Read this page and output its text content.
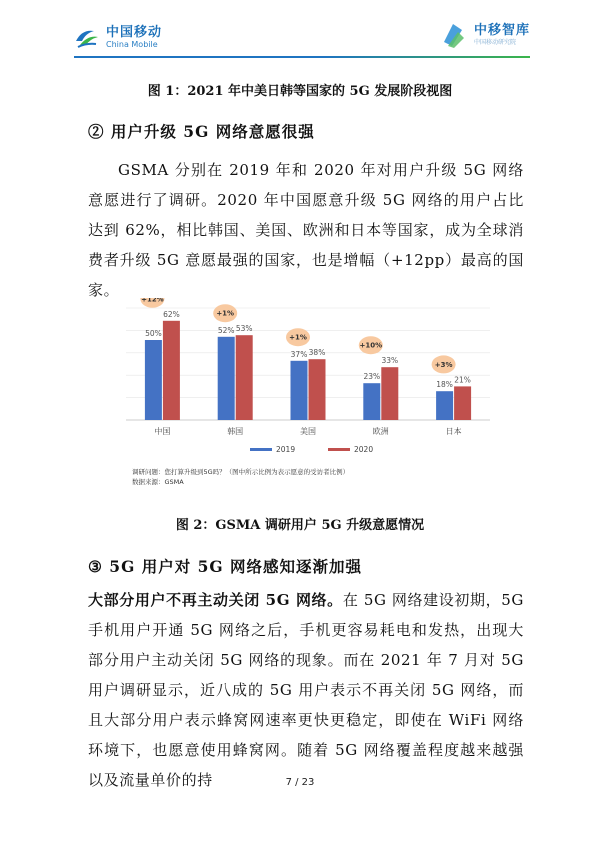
中国移动
China Mobile
中移智库
中国移动研究院
图 1：2021 年中美日韩等国家的 5G 发展阶段视图
② 用户升级 5G 网络意愿很强
GSMA 分别在 2019 年和 2020 年对用户升级 5G 网络意愿进行了调研。2020 年中国愿意升级 5G 网络的用户占比达到 62%，相比韩国、美国、欧洲和日本等国家，成为全球消费者升级 5G 意愿最强的国家，也是增幅（+12pp）最高的国家。
50%
62%
+12%
中国
52% 53%
+1%
韩国
37% 38%
+1%
美国
23%
33%
+10%
欧洲
18%
21%
+3%
日本
2019	2020
调研问题：您打算升级到5G吗？（图中所示比例为表示愿意的受访者比例）
数据来源：GSMA
图 2：GSMA 调研用户 5G 升级意愿情况
③ 5G 用户对 5G 网络感知逐渐加强
大部分用户不再主动关闭 5G 网络。在 5G 网络建设初期，5G 手机用户开通 5G 网络之后，手机更容易耗电和发热，出现大部分用户主动关闭 5G 网络的现象。而在 2021 年 7 月对 5G 用户调研显示，近八成的 5G 用户表示不再关闭 5G 网络，而且大部分用户表示蜂窝网速率更快更稳定，即使在 WiFi 网络环境下，也愿意使用蜂窝网。随着 5G 网络覆盖程度越来越强以及流量单价的持	7 / 23
